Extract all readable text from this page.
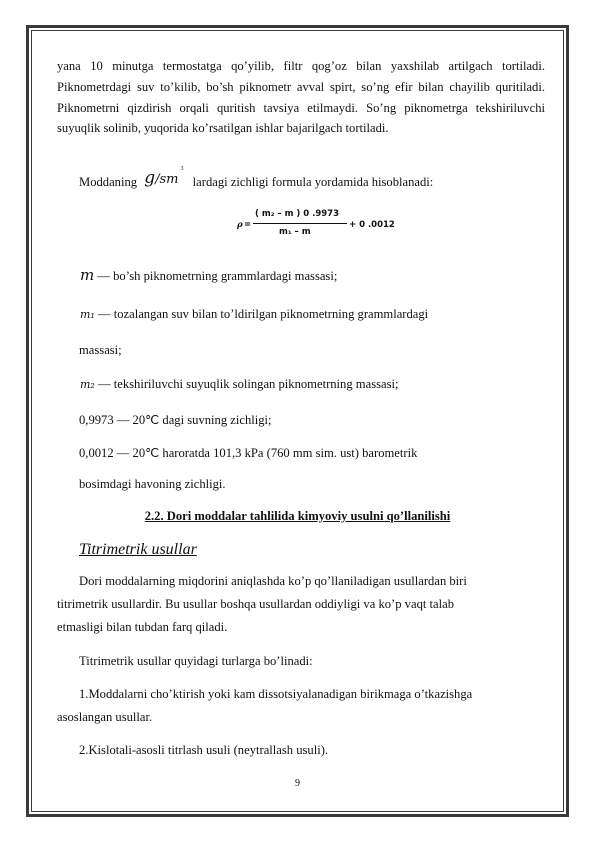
yana 10 minutga termostatga qo’yilib, filtr qog’oz bilan yaxshilab artilgach tortiladi. Piknometrdagi suv to’kilib, bo’sh piknometr avval spirt, so’ng efir bilan chayilib quritiladi. Piknometrni qizdirish orqali quritish tavsiya etilmaydi. So’ng piknometrga tekshiriluvchi suyuqlik solinib, yuqorida ko’rsatilgan ishlar bajarilgach tortiladi.

Moddaning $g/sm^3$ lardagi zichligi formula yordamida hisoblanadi:
ρ =
( m₂ – m ) 0 .9973
m₁ – m
+ 0 .0012
m — bo’sh piknometrning grammlardagi massasi;
m₁ — tozalangan suv bilan to’ldirilgan piknometrning grammlardagi
massasi;
m₂ — tekshiriluvchi suyuqlik solingan piknometrning massasi;
0,9973 — 20℃ dagi suvning zichligi;
0,0012 — 20℃ haroratda 101,3 kPa (760 mm sim. ust) barometrik
bosimdagi havoning zichligi.
2.2. Dori moddalar tahlilida kimyoviy usulni qo’llanilishi
Titrimetrik usullar
Dori moddalarning miqdorini aniqlashda ko’p qo’llaniladigan usullardan biri
titrimetrik usullardir. Bu usullar boshqa usullardan oddiyligi va ko’p vaqt talab
etmasligi bilan tubdan farq qiladi.
Titrimetrik usullar quyidagi turlarga bo’linadi:
1.Moddalarni cho’ktirish yoki kam dissotsiyalanadigan birikmaga o’tkazishga
asoslangan usullar.
2.Kislotali-asosli titrlash usuli (neytrallash usuli).
9
